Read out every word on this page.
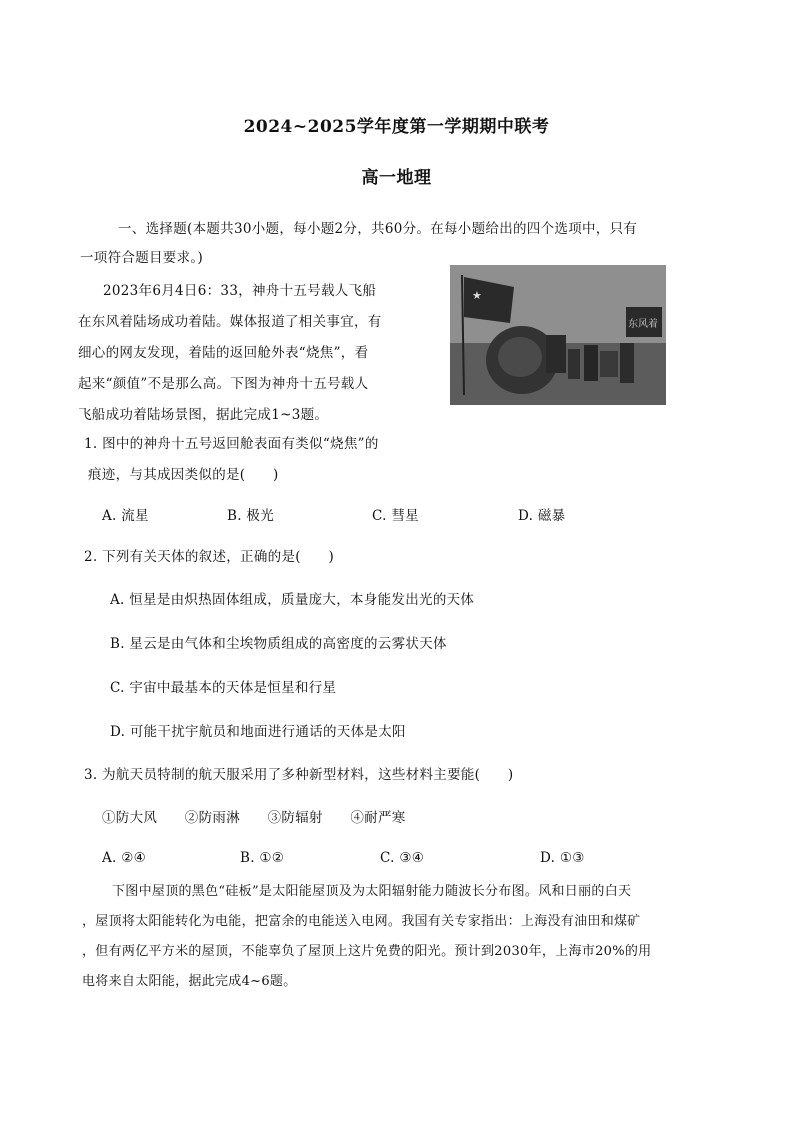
2024~2025学年度第一学期期中联考
高一地理
一、选择题(本题共30小题，每小题2分，共60分。在每小题给出的四个选项中，只有
一项符合题目要求。)
2023年6月4日6：33，神舟十五号载人飞船
在东风着陆场成功着陆。媒体报道了相关事宜，有
细心的网友发现，着陆的返回舱外表“烧焦”，看
起来“颜值”不是那么高。下图为神舟十五号载人
飞船成功着陆场景图，据此完成1~3题。
★
东风着
1. 图中的神舟十五号返回舱表面有类似“烧焦”的
痕迹，与其成因类似的是(　　)
A. 流星	B. 极光	C. 彗星	D. 磁暴
2. 下列有关天体的叙述，正确的是(　　)
A. 恒星是由炽热固体组成，质量庞大，本身能发出光的天体
B. 星云是由气体和尘埃物质组成的高密度的云雾状天体
C. 宇宙中最基本的天体是恒星和行星
D. 可能干扰宇航员和地面进行通话的天体是太阳
3. 为航天员特制的航天服采用了多种新型材料，这些材料主要能(　　)
①防大风　　②防雨淋　　③防辐射　　④耐严寒
A. ②④	B. ①②	C. ③④	D. ①③
下图中屋顶的黑色“硅板”是太阳能屋顶及为太阳辐射能力随波长分布图。风和日丽的白天
，屋顶将太阳能转化为电能，把富余的电能送入电网。我国有关专家指出：上海没有油田和煤矿
，但有两亿平方米的屋顶，不能辜负了屋顶上这片免费的阳光。预计到2030年，上海市20%的用
电将来自太阳能，据此完成4~6题。
